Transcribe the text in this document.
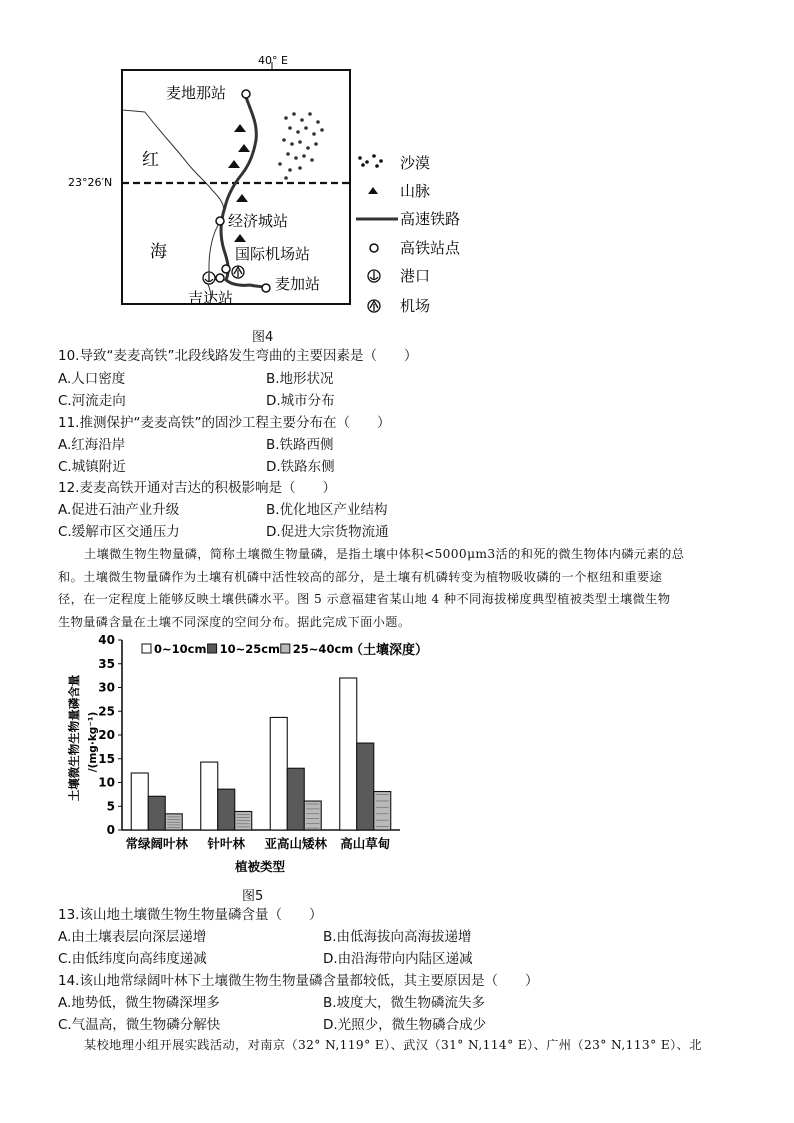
40° E
23°26′N
红
海
麦地那站
经济城站
国际机场站
吉达站
麦加站
沙漠
山脉
高速铁路
高铁站点
港口
机场
图4
10.导致“麦麦高铁”北段线路发生弯曲的主要因素是（　　）
A.人口密度	B.地形状况
C.河流走向	D.城市分布
11.推测保护“麦麦高铁”的固沙工程主要分布在（　　）
A.红海沿岸	B.铁路西侧
C.城镇附近	D.铁路东侧
12.麦麦高铁开通对吉达的积极影响是（　　）
A.促进石油产业升级	B.优化地区产业结构
C.缓解市区交通压力	D.促进大宗货物流通
土壤微生物生物量磷，简称土壤微生物量磷，是指土壤中体积<5000μm3活的和死的微生物体内磷元素的总
和。土壤微生物量磷作为土壤有机磷中活性较高的部分，是土壤有机磷转变为植物吸收磷的一个枢纽和重要途
径，在一定程度上能够反映土壤供磷水平。图 5 示意福建省某山地 4 种不同海拔梯度典型植被类型土壤微生物
生物量磷含量在土壤不同深度的空间分布。据此完成下面小题。
土壤微生物生物量磷含量 /(mg·kg⁻¹)
0
5
10
15
20
25
30
35
40
常绿阔叶林 针叶林 亚高山矮林 高山草甸
0~10cm 10~25cm 25~40cm
（土壤深度）
植被类型
图5
13.该山地土壤微生物生物量磷含量（　　）
A.由土壤表层向深层递增	B.由低海拔向高海拔递增
C.由低纬度向高纬度递减	D.由沿海带向内陆区递减
14.该山地常绿阔叶林下土壤微生物生物量磷含量都较低，其主要原因是（　　）
A.地势低，微生物磷深埋多	B.坡度大，微生物磷流失多
C.气温高，微生物磷分解快	D.光照少，微生物磷合成少
某校地理小组开展实践活动，对南京（32° N,119° E）、武汉（31° N,114° E）、广州（23° N,113° E）、北
